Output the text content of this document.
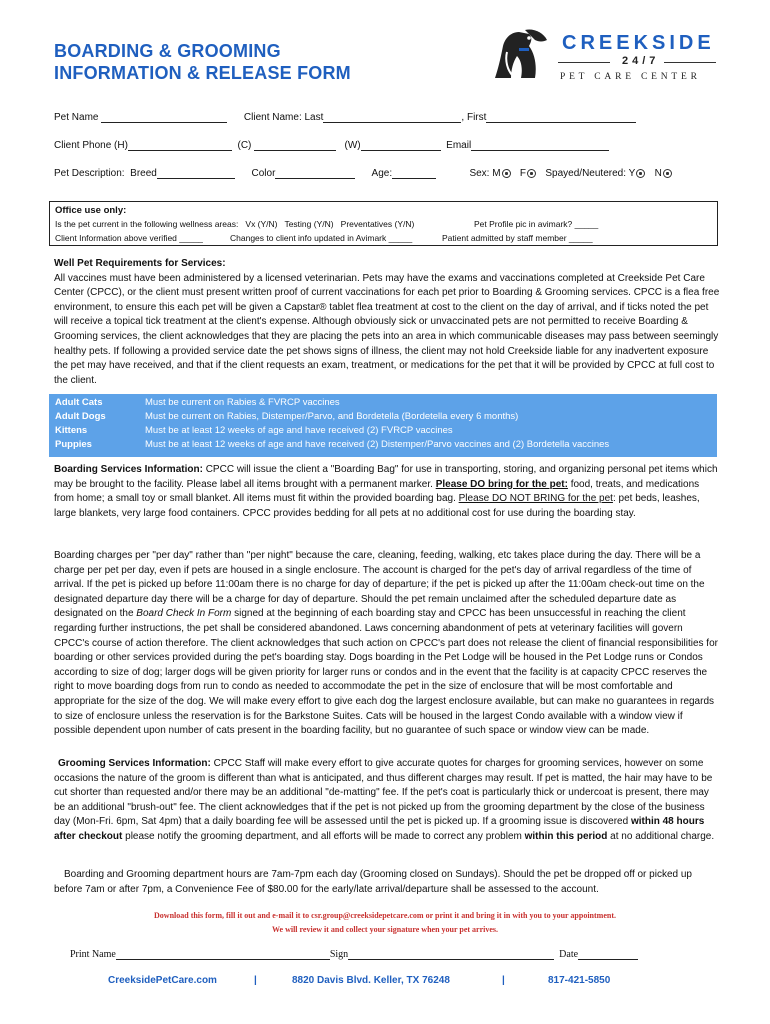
BOARDING & GROOMING
INFORMATION & RELEASE FORM
CREEKSIDE
24/7
PET CARE CENTER
Pet Name	Client Name: Last	, First
Client Phone (H)	(C)	(W)	Email
Pet Description:  Breed	Color	Age:	Sex: M F Spayed/Neutered: Y N
Office use only:
Is the pet current in the following wellness areas:   Vx (Y/N)   Testing (Y/N)   Preventatives (Y/N)	Pet Profile pic in avimark? _____
Client Information above verified _____	Changes to client info updated in Avimark _____	Patient admitted by staff member _____
Well Pet Requirements for Services:
All vaccines must have been administered by a licensed veterinarian. Pets may have the exams and vaccinations completed at Creekside Pet Care Center (CPCC), or the client must present written proof of current vaccinations for each pet prior to Boarding & Grooming services. CPCC is a flea free environment, to ensure this each pet will be given a Capstar® tablet flea treatment at cost to the client on the day of arrival, and if ticks noted the pet will receive a topical tick treatment at the client's expense. Although obviously sick or unvaccinated pets are not permitted to receive Boarding & Grooming services, the client acknowledges that they are placing the pets into an area in which communicable diseases may pass between seemingly healthy pets. If following a provided service date the pet shows signs of illness, the client may not hold Creekside liable for any inadvertent exposure the pet may have received, and that if the client requests an exam, treatment, or medications for the pet that it will be provided by CPCC at full cost to the client.
Adult Cats	Must be current on Rabies & FVRCP vaccines
Adult Dogs	Must be current on Rabies, Distemper/Parvo, and Bordetella (Bordetella every 6 months)
Kittens	Must be at least 12 weeks of age and have received (2) FVRCP vaccines
Puppies	Must be at least 12 weeks of age and have received (2) Distemper/Parvo vaccines and (2) Bordetella vaccines
Boarding Services Information: CPCC will issue the client a "Boarding Bag" for use in transporting, storing, and organizing personal pet items which may be brought to the facility. Please label all items brought with a permanent marker. Please DO bring for the pet: food, treats, and medications from home; a small toy or small blanket. All items must fit within the provided boarding bag. Please DO NOT BRING for the pet: pet beds, leashes, large blankets, very large food containers. CPCC provides bedding for all pets at no additional cost for use during the boarding stay.
Boarding charges per "per day" rather than "per night" because the care, cleaning, feeding, walking, etc takes place during the day. There will be a charge per pet per day, even if pets are housed in a single enclosure. The account is charged for the pet's day of arrival regardless of the time of arrival. If the pet is picked up before 11:00am there is no charge for day of departure; if the pet is picked up after the 11:00am check-out time on the designated departure day there will be a charge for day of departure. Should the pet remain unclaimed after the scheduled departure date as designated on the Board Check In Form signed at the beginning of each boarding stay and CPCC has been unsuccessful in reaching the client regarding further instructions, the pet shall be considered abandoned. Laws concerning abandonment of pets at veterinary facilities will govern CPCC's course of action therefore. The client acknowledges that such action on CPCC's part does not release the client of financial responsibilities for boarding or other services provided during the pet's boarding stay. Dogs boarding in the Pet Lodge will be housed in the Pet Lodge runs or Condos according to size of dog; larger dogs will be given priority for larger runs or condos and in the event that the facility is at capacity CPCC reserves the right to move boarding dogs from run to condo as needed to accommodate the pet in the size of enclosure that will be most comfortable and appropriate for the size of the dog. We will make every effort to give each dog the largest enclosure available, but can make no guarantees in regards to size of enclosure unless the reservation is for the Barkstone Suites. Cats will be housed in the largest Condo available with a window view if possible dependent upon number of cats present in the boarding facility, but no guarantee of such space or window view can be made.
Grooming Services Information: CPCC Staff will make every effort to give accurate quotes for charges for grooming services, however on some occasions the nature of the groom is different than what is anticipated, and thus different charges may result. If pet is matted, the hair may have to be cut shorter than requested and/or there may be an additional "de-matting" fee. If the pet's coat is particularly thick or undercoat is present, there may be an additional "brush-out" fee. The client acknowledges that if the pet is not picked up from the grooming department by the close of the business day (Mon-Fri. 6pm, Sat 4pm) that a daily boarding fee will be assessed until the pet is picked up. If a grooming issue is discovered within 48 hours after checkout please notify the grooming department, and all efforts will be made to correct any problem within this period at no additional charge.
Boarding and Grooming department hours are 7am-7pm each day (Grooming closed on Sundays). Should the pet be dropped off or picked up before 7am or after 7pm, a Convenience Fee of $80.00 for the early/late arrival/departure shall be assessed to the account.
Download this form, fill it out and e-mail it to csr.group@creeksidepetcare.com or print it and bring it in with you to your appointment.
We will review it and collect your signature when your pet arrives.
Print Name	Sign	Date
CreeksidePetCare.com	|	8820 Davis Blvd. Keller, TX 76248	|	817-421-5850
